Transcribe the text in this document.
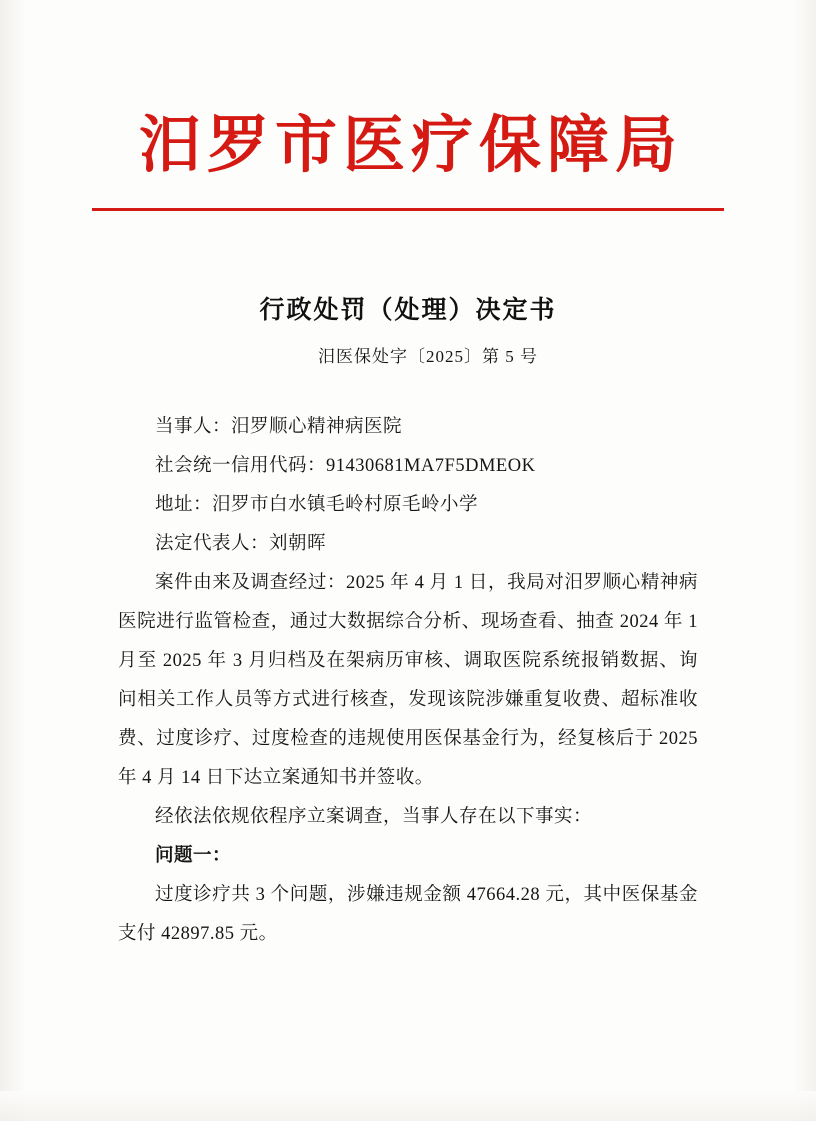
汨罗市医疗保障局
行政处罚（处理）决定书
汨医保处字〔2025〕第 5 号

当事人：汨罗顺心精神病医院

社会统一信用代码：91430681MA7F5DMEOK

地址：汨罗市白水镇毛岭村原毛岭小学

法定代表人：刘朝晖

案件由来及调查经过：2025 年 4 月 1 日，我局对汨罗顺心精神病医院进行监管检查，通过大数据综合分析、现场查看、抽查 2024 年 1 月至 2025 年 3 月归档及在架病历审核、调取医院系统报销数据、询问相关工作人员等方式进行核查，发现该院涉嫌重复收费、超标准收费、过度诊疗、过度检查的违规使用医保基金行为，经复核后于 2025 年 4 月 14 日下达立案通知书并签收。

经依法依规依程序立案调查，当事人存在以下事实：

问题一：

过度诊疗共 3 个问题，涉嫌违规金额 47664.28 元，其中医保基金支付 42897.85 元。
